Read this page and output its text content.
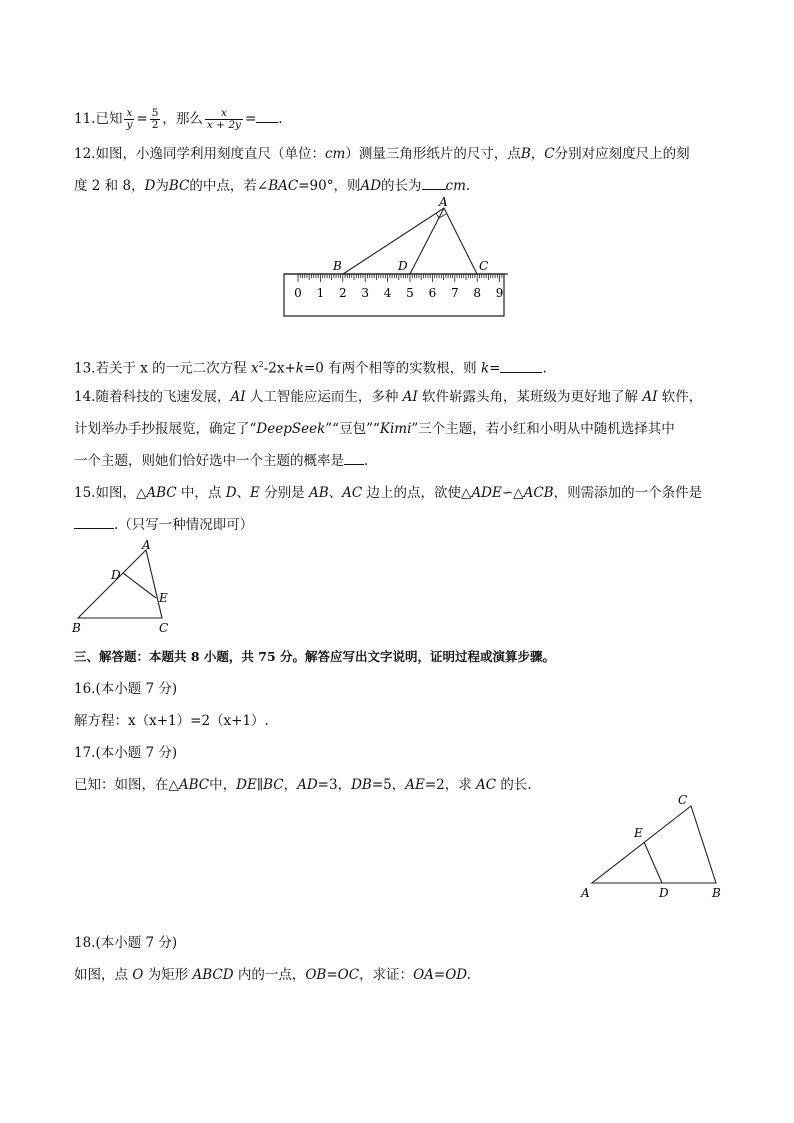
11.已知 $\frac{x}{y} = \frac{5}{2}$ ，那么 $\frac{x}{x + 2y}$ = .
12.如图，小逸同学利用刻度直尺（单位：cm）测量三角形纸片的尺寸，点B，C分别对应刻度尺上的刻
度 2 和 8，D为BC的中点，若∠BAC=90°，则AD的长为 cm.
A
B	D	C
0 1 2 3 4 5 6 7 8 9
13.若关于 x 的一元二次方程 $x^2-2x+k=0$ 有两个相等的实数根，则 k=	.
14.随着科技的飞速发展，AI 人工智能应运而生，多种 AI 软件崭露头角，某班级为更好地了解 AI 软件，
计划举办手抄报展览，确定了“DeepSeek”“豆包”“Kimi”三个主题，若小红和小明从中随机选择其中
一个主题，则她们恰好选中一个主题的概率是 .
15.如图，△ABC 中，点 D、E 分别是 AB、AC 边上的点，欲使△ADE∽△ACB，则需添加的一个条件是
.（只写一种情况即可）
A
D
E
B	C
三、解答题：本题共 8 小题，共 75 分。解答应写出文字说明，证明过程或演算步骤。
16.(本小题 7 分)
解方程：x（x+1）=2（x+1）.
17.(本小题 7 分)
已知：如图，在△ABC中，DE∥BC，AD=3，DB=5，AE=2，求 AC 的长.
C
E
A	D	B
18.(本小题 7 分)
如图，点 O 为矩形 ABCD 内的一点，OB=OC，求证：OA=OD.
